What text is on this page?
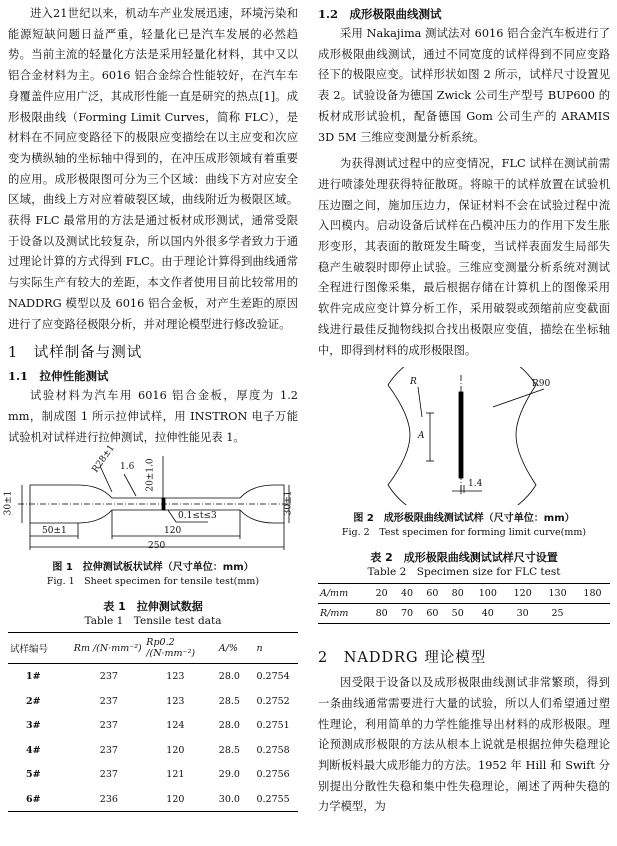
进入21世纪以来，机动车产业发展迅速，环境污染和能源短缺问题日益严重，轻量化已是汽车发展的必然趋势。当前主流的轻量化方法是采用轻量化材料，其中又以铝合金材料为主。6016 铝合金综合性能较好，在汽车车身覆盖件应用广泛，其成形性能一直是研究的热点[1]。成形极限曲线（Forming Limit Curves，简称 FLC），是材料在不同应变路径下的极限应变描绘在以主应变和次应变为横纵轴的坐标轴中得到的，在冲压成形领域有着重要的应用。成形极限图可分为三个区域：曲线下方对应安全区域，曲线上方对应着破裂区域，曲线附近为极限区域。获得 FLC 最常用的方法是通过板材成形测试，通常受限于设备以及测试比较复杂，所以国内外很多学者致力于通过理论计算的方式得到 FLC。由于理论计算得到曲线通常与实际生产有较大的差距，本文作者使用目前比较常用的 NADDRG 模型以及 6016 铝合金板，对产生差距的原因进行了应变路径极限分析，并对理论模型进行修改验证。

1　试样制备与测试
1.1　拉伸性能测试

试验材料为汽车用 6016 铝合金板，厚度为 1.2 mm，制成图 1 所示拉伸试样，用 INSTRON 电子万能试验机对试样进行拉伸测试，拉伸性能见表 1。

R28±1 1.6 20±1.0
30±1	30±1
0.1≤t≤3
50±1	120
250
图 1　拉伸测试板状试样（尺寸单位：mm）
Fig. 1　Sheet specimen for tensile test(mm)
表 1　拉伸测试数据
Table 1　Tensile test data
试样编号	Rm /(N·mm⁻²)	Rp0.2 /(N·mm⁻²)	A/%	n
1#	237	123	28.0	0.2754
2#	237	123	28.5	0.2752
3#	237	124	28.0	0.2751
4#	237	120	28.5	0.2758
5#	237	121	29.0	0.2756
6#	236	120	30.0	0.2755
1.2　成形极限曲线测试

采用 Nakajima 测试法对 6016 铝合金汽车板进行了成形极限曲线测试，通过不同宽度的试样得到不同应变路径下的极限应变。试样形状如图 2 所示，试样尺寸设置见表 2。试验设备为德国 Zwick 公司生产型号 BUP600 的板材成形试验机，配备德国 Gom 公司生产的 ARAMIS 3D 5M 三维应变测量分析系统。

为获得测试过程中的应变情况，FLC 试样在测试前需进行喷漆处理获得特征散斑。将晾干的试样放置在试验机压边圈之间，施加压边力，保证材料不会在试验过程中流入凹模内。启动设备后试样在凸模冲压力的作用下发生胀形变形，其表面的散斑发生畸变，当试样表面发生局部失稳产生破裂时即停止试验。三维应变测量分析系统对测试全程进行图像采集，最后根据存储在计算机上的图像采用软件完成应变计算分析工作，采用破裂或颈缩前应变截面线进行最佳反抛物线拟合找出极限应变值，描绘在坐标轴中，即得到材料的成形极限图。

R	R90
A
1.4
图 2　成形极限曲线测试试样（尺寸单位：mm）
Fig. 2　Test specimen for forming limit curve(mm)
表 2　成形极限曲线测试试样尺寸设置
Table 2　Specimen size for FLC test
A/mm	20	40	60	80	100	120	130	180
R/mm	80	70	60	50	40	30	25	
2　NADDRG 理论模型

因受限于设备以及成形极限曲线测试非常繁琐，得到一条曲线通常需要进行大量的试验，所以人们希望通过塑性理论，利用简单的力学性能推导出材料的成形极限。理论预测成形极限的方法从根本上说就是根据拉伸失稳理论判断板料最大成形能力的方法。1952 年 Hill 和 Swift 分别提出分散性失稳和集中性失稳理论，阐述了两种失稳的力学模型，为
